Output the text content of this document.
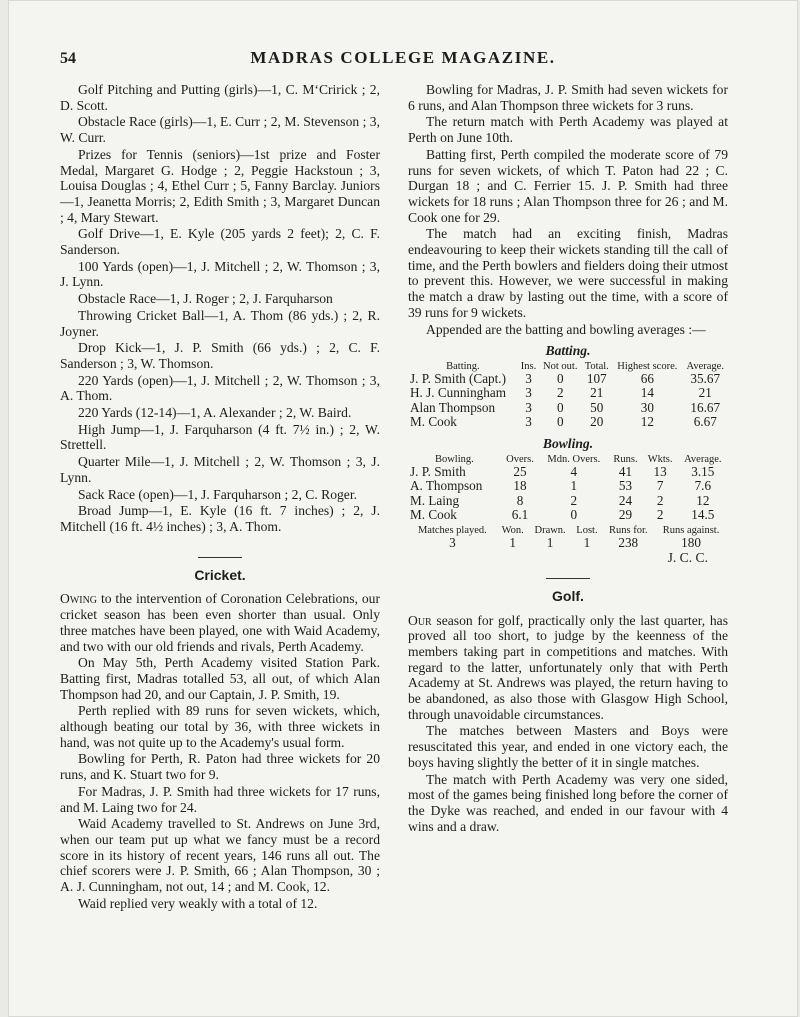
54	MADRAS COLLEGE MAGAZINE.

Golf Pitching and Putting (girls)—1, C. M‘Cririck ; 2, D. Scott.

Obstacle Race (girls)—1, E. Curr ; 2, M. Stevenson ; 3, W. Curr.

Prizes for Tennis (seniors)—1st prize and Foster Medal, Margaret G. Hodge ; 2, Peggie Hackstoun ; 3, Louisa Douglas ; 4, Ethel Curr ; 5, Fanny Barclay. Juniors—1, Jeanetta Morris; 2, Edith Smith ; 3, Margaret Duncan ; 4, Mary Stewart.

Golf Drive—1, E. Kyle (205 yards 2 feet); 2, C. F. Sanderson.

100 Yards (open)—1, J. Mitchell ; 2, W. Thomson ; 3, J. Lynn.

Obstacle Race—1, J. Roger ; 2, J. Farquharson

Throwing Cricket Ball—1, A. Thom (86 yds.) ; 2, R. Joyner.

Drop Kick—1, J. P. Smith (66 yds.) ; 2, C. F. Sanderson ; 3, W. Thomson.

220 Yards (open)—1, J. Mitchell ; 2, W. Thomson ; 3, A. Thom.

220 Yards (12-14)—1, A. Alexander ; 2, W. Baird.

High Jump—1, J. Farquharson (4 ft. 7½ in.) ; 2, W. Strettell.

Quarter Mile—1, J. Mitchell ; 2, W. Thomson ; 3, J. Lynn.

Sack Race (open)—1, J. Farquharson ; 2, C. Roger.

Broad Jump—1, E. Kyle (16 ft. 7 inches) ; 2, J. Mitchell (16 ft. 4½ inches) ; 3, A. Thom.

Cricket.

Owing to the intervention of Coronation Celebrations, our cricket season has been even shorter than usual. Only three matches have been played, one with Waid Academy, and two with our old friends and rivals, Perth Academy.

On May 5th, Perth Academy visited Station Park. Batting first, Madras totalled 53, all out, of which Alan Thompson had 20, and our Captain, J. P. Smith, 19.

Perth replied with 89 runs for seven wickets, which, although beating our total by 36, with three wickets in hand, was not quite up to the Academy's usual form.

Bowling for Perth, R. Paton had three wickets for 20 runs, and K. Stuart two for 9.

For Madras, J. P. Smith had three wickets for 17 runs, and M. Laing two for 24.

Waid Academy travelled to St. Andrews on June 3rd, when our team put up what we fancy must be a record score in its history of recent years, 146 runs all out. The chief scorers were J. P. Smith, 66 ; Alan Thompson, 30 ; A. J. Cunningham, not out, 14 ; and M. Cook, 12.

Waid replied very weakly with a total of 12.

Bowling for Madras, J. P. Smith had seven wickets for 6 runs, and Alan Thompson three wickets for 3 runs.

The return match with Perth Academy was played at Perth on June 10th.

Batting first, Perth compiled the moderate score of 79 runs for seven wickets, of which T. Paton had 22 ; C. Durgan 18 ; and C. Ferrier 15. J. P. Smith had three wickets for 18 runs ; Alan Thompson three for 26 ; and M. Cook one for 29.

The match had an exciting finish, Madras endeavouring to keep their wickets standing till the call of time, and the Perth bowlers and fielders doing their utmost to prevent this. However, we were successful in making the match a draw by lasting out the time, with a score of 39 runs for 9 wickets.

Appended are the batting and bowling averages :—

Batting.
Batting.	Ins.	Not out.	Total.	Highest score.	Average.
J. P. Smith (Capt.)	3	0	107	66	35.67
H. J. Cunningham	3	2	21	14	21
Alan Thompson	3	0	50	30	16.67
M. Cook	3	0	20	12	6.67
Bowling.
Bowling.	Overs.	Mdn. Overs.	Runs.	Wkts.	Average.
J. P. Smith	25	4	41	13	3.15
A. Thompson	18	1	53	7	7.6
M. Laing	8	2	24	2	12
M. Cook	6.1	0	29	2	14.5
Matches played.	Won.	Drawn.	Lost.	Runs for.	Runs against.
3	1	1	1	238	180
J. C. C.
Golf.

Our season for golf, practically only the last quarter, has proved all too short, to judge by the keenness of the members taking part in competitions and matches. With regard to the latter, unfortunately only that with Perth Academy at St. Andrews was played, the return having to be abandoned, as also those with Glasgow High School, through unavoidable circumstances.

The matches between Masters and Boys were resuscitated this year, and ended in one victory each, the boys having slightly the better of it in single matches.

The match with Perth Academy was very one sided, most of the games being finished long before the corner of the Dyke was reached, and ended in our favour with 4 wins and a draw.
